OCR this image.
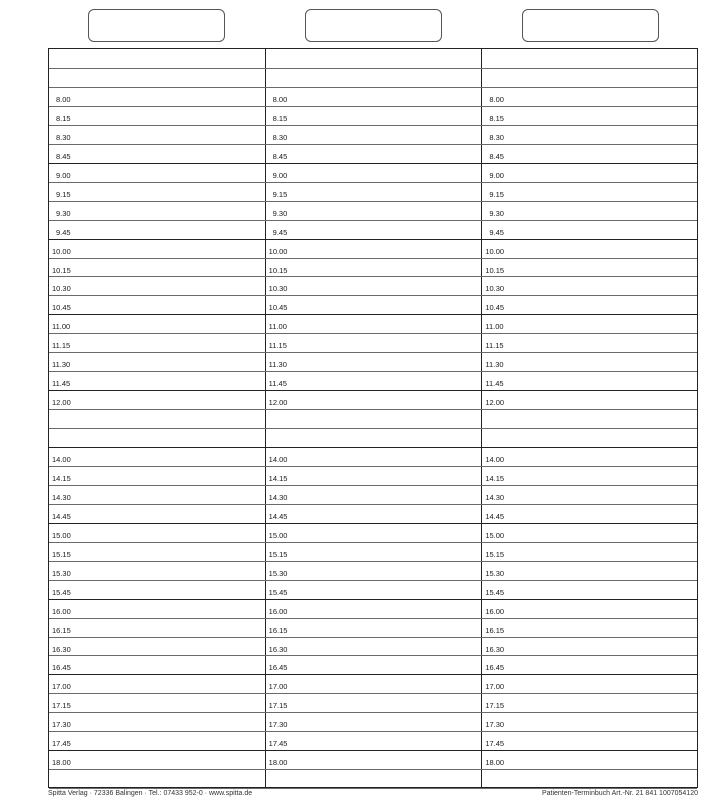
8.00	8.00	8.00
8.15	8.15	8.15
8.30	8.30	8.30
8.45	8.45	8.45
9.00	9.00	9.00
9.15	9.15	9.15
9.30	9.30	9.30
9.45	9.45	9.45
10.00	10.00	10.00
10.15	10.15	10.15
10.30	10.30	10.30
10.45	10.45	10.45
11.00	11.00	11.00
11.15	11.15	11.15
11.30	11.30	11.30
11.45	11.45	11.45
12.00	12.00	12.00
14.00	14.00	14.00
14.15	14.15	14.15
14.30	14.30	14.30
14.45	14.45	14.45
15.00	15.00	15.00
15.15	15.15	15.15
15.30	15.30	15.30
15.45	15.45	15.45
16.00	16.00	16.00
16.15	16.15	16.15
16.30	16.30	16.30
16.45	16.45	16.45
17.00	17.00	17.00
17.15	17.15	17.15
17.30	17.30	17.30
17.45	17.45	17.45
18.00	18.00	18.00
Spitta Verlag · 72336 Balingen · Tel.: 07433 952-0 · www.spitta.de	Patienten-Terminbuch Art.-Nr. 21 841 1007054120
